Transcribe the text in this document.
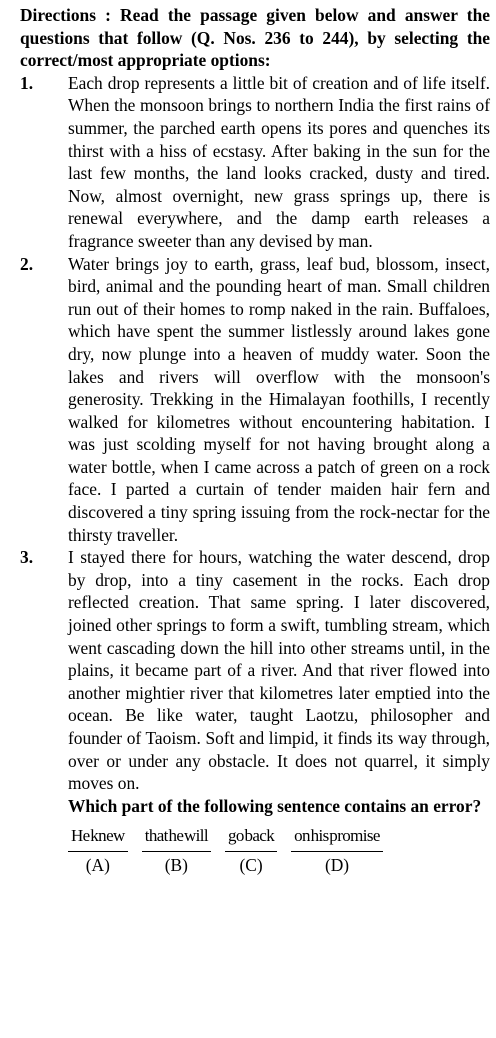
Directions : Read the passage given below and answer the questions that follow (Q. Nos. 236 to 244), by selecting the correct/most appropriate options:

1.	Each drop represents a little bit of creation and of life itself. When the monsoon brings to northern India the first rains of summer, the parched earth opens its pores and quenches its thirst with a hiss of ecstasy. After baking in the sun for the last few months, the land looks cracked, dusty and tired. Now, almost overnight, new grass springs up, there is renewal everywhere, and the damp earth releases a fragrance sweeter than any devised by man.

2.	Water brings joy to earth, grass, leaf bud, blossom, insect, bird, animal and the pounding heart of man. Small children run out of their homes to romp naked in the rain. Buffaloes, which have spent the summer listlessly around lakes gone dry, now plunge into a heaven of muddy water. Soon the lakes and rivers will overflow with the monsoon's generosity. Trekking in the Himalayan foothills, I recently walked for kilometres without encountering habitation. I was just scolding myself for not having brought along a water bottle, when I came across a patch of green on a rock face. I parted a curtain of tender maiden hair fern and discovered a tiny spring issuing from the rock-nectar for the thirsty traveller.

3.	I stayed there for hours, watching the water descend, drop by drop, into a tiny casement in the rocks. Each drop reflected creation. That same spring. I later discovered, joined other springs to form a swift, tumbling stream, which went cascading down the hill into other streams until, in the plains, it became part of a river. And that river flowed into another mightier river that kilometres later emptied into the ocean. Be like water, taught Laotzu, philosopher and founder of Taoism. Soft and limpid, it finds its way through, over or under any obstacle. It does not quarrel, it simply moves on.

Which part of the following sentence contains an error?

He knew
(A)
that he will
(B)
go back
(C)
on his promise
(D)
